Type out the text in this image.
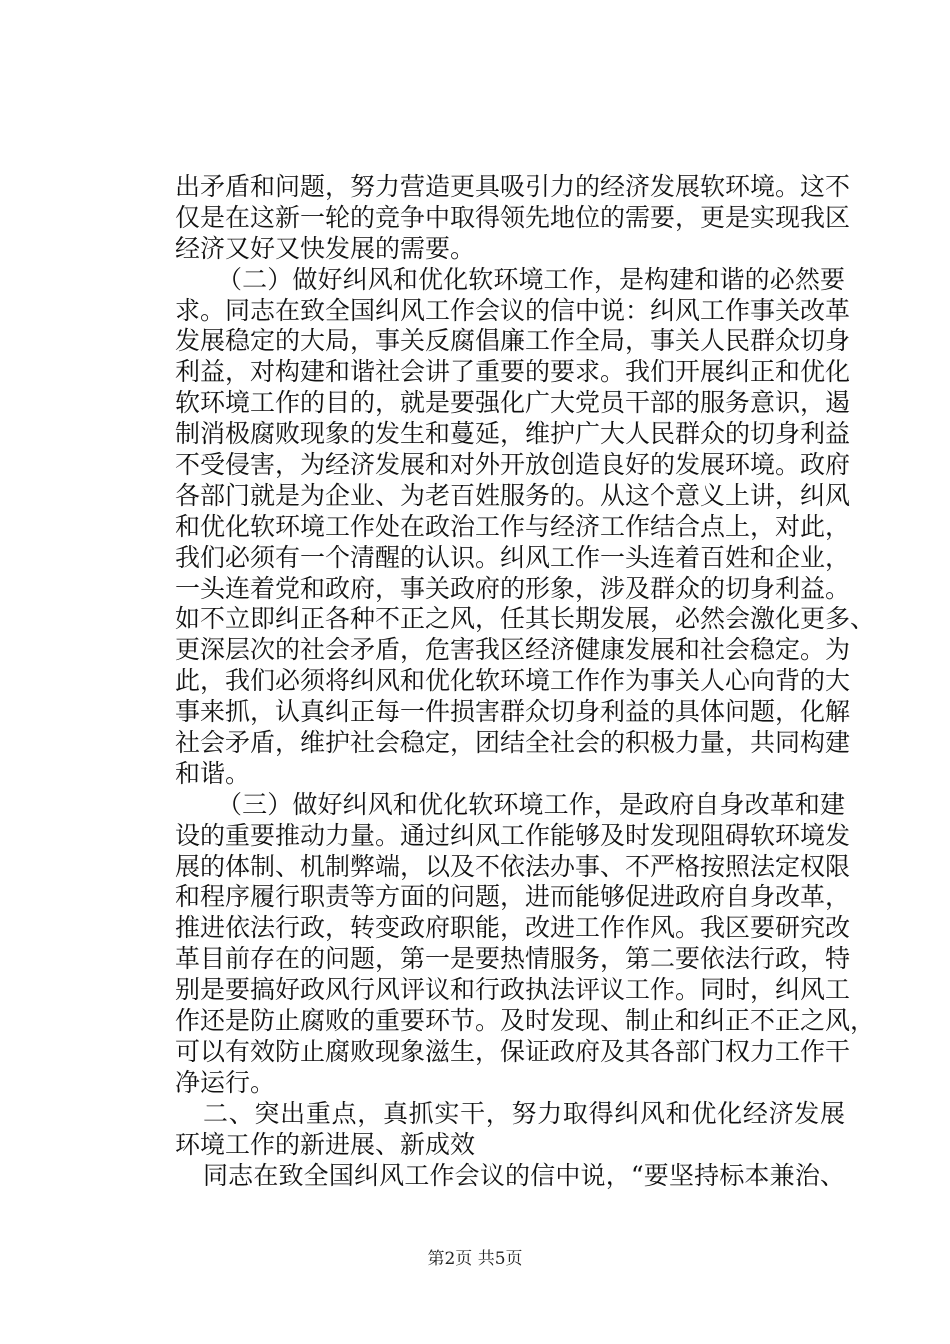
出矛盾和问题，努力营造更具吸引力的经济发展软环境。这不
仅是在这新一轮的竞争中取得领先地位的需要，更是实现我区
经济又好又快发展的需要。
（二）做好纠风和优化软环境工作，是构建和谐的必然要
求。同志在致全国纠风工作会议的信中说：纠风工作事关改革
发展稳定的大局，事关反腐倡廉工作全局，事关人民群众切身
利益，对构建和谐社会讲了重要的要求。我们开展纠正和优化
软环境工作的目的，就是要强化广大党员干部的服务意识，遏
制消极腐败现象的发生和蔓延，维护广大人民群众的切身利益
不受侵害，为经济发展和对外开放创造良好的发展环境。政府
各部门就是为企业、为老百姓服务的。从这个意义上讲，纠风
和优化软环境工作处在政治工作与经济工作结合点上，对此，
我们必须有一个清醒的认识。纠风工作一头连着百姓和企业，
一头连着党和政府，事关政府的形象，涉及群众的切身利益。
如不立即纠正各种不正之风，任其长期发展，必然会激化更多、
更深层次的社会矛盾，危害我区经济健康发展和社会稳定。为
此，我们必须将纠风和优化软环境工作作为事关人心向背的大
事来抓，认真纠正每一件损害群众切身利益的具体问题，化解
社会矛盾，维护社会稳定，团结全社会的积极力量，共同构建
和谐。
（三）做好纠风和优化软环境工作，是政府自身改革和建
设的重要推动力量。通过纠风工作能够及时发现阻碍软环境发
展的体制、机制弊端，以及不依法办事、不严格按照法定权限
和程序履行职责等方面的问题，进而能够促进政府自身改革，
推进依法行政，转变政府职能，改进工作作风。我区要研究改
革目前存在的问题，第一是要热情服务，第二要依法行政，特
别是要搞好政风行风评议和行政执法评议工作。同时，纠风工
作还是防止腐败的重要环节。及时发现、制止和纠正不正之风，
可以有效防止腐败现象滋生，保证政府及其各部门权力工作干
净运行。
二、突出重点，真抓实干，努力取得纠风和优化经济发展
环境工作的新进展、新成效
同志在致全国纠风工作会议的信中说，“要坚持标本兼治、
第2页 共5页
